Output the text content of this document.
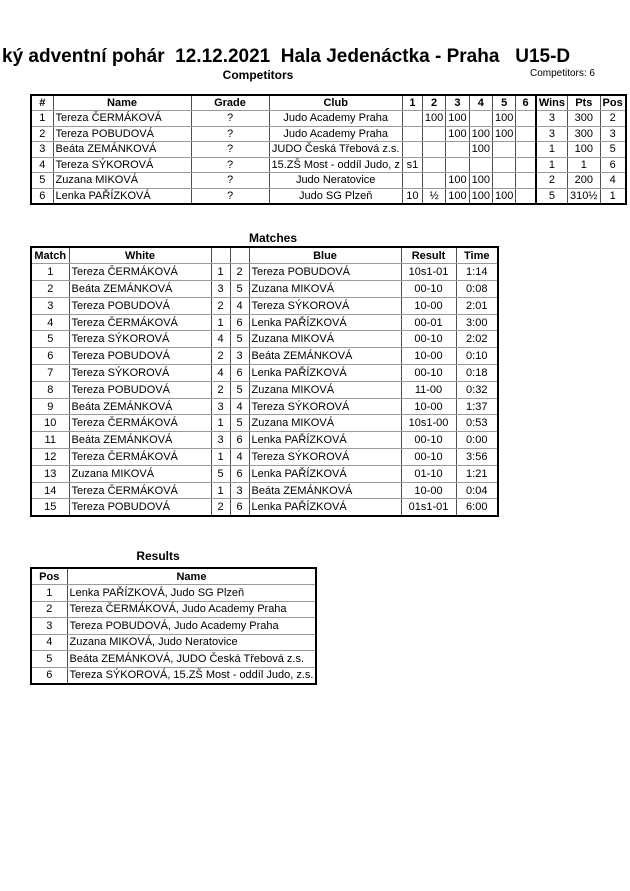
ký adventní pohár  12.12.2021  Hala Jedenáctka - Praha   U15-D
Competitors	Competitors: 6
#	Name	Grade	Club	1	2	3	4	5	6	Wins	Pts	Pos
1	Tereza ČERMÁKOVÁ	?	Judo Academy Praha		100	100		100		3	300	2
2	Tereza POBUDOVÁ	?	Judo Academy Praha			100	100	100		3	300	3
3	Beáta ZEMÁNKOVÁ	?	JUDO Česká Třebová z.s.				100			1	100	5
4	Tereza SÝKOROVÁ	?	15.ZŠ Most - oddíl Judo, z	s1						1	1	6
5	Zuzana MIKOVÁ	?	Judo Neratovice			100	100			2	200	4
6	Lenka PAŘÍZKOVÁ	?	Judo SG Plzeň	10	½	100	100	100		5	310½	1
Matches
Match	White			Blue	Result	Time
1	Tereza ČERMÁKOVÁ	1	2	Tereza POBUDOVÁ	10s1-01	1:14
2	Beáta ZEMÁNKOVÁ	3	5	Zuzana MIKOVÁ	00-10	0:08
3	Tereza POBUDOVÁ	2	4	Tereza SÝKOROVÁ	10-00	2:01
4	Tereza ČERMÁKOVÁ	1	6	Lenka PAŘÍZKOVÁ	00-01	3:00
5	Tereza SÝKOROVÁ	4	5	Zuzana MIKOVÁ	00-10	2:02
6	Tereza POBUDOVÁ	2	3	Beáta ZEMÁNKOVÁ	10-00	0:10
7	Tereza SÝKOROVÁ	4	6	Lenka PAŘÍZKOVÁ	00-10	0:18
8	Tereza POBUDOVÁ	2	5	Zuzana MIKOVÁ	11-00	0:32
9	Beáta ZEMÁNKOVÁ	3	4	Tereza SÝKOROVÁ	10-00	1:37
10	Tereza ČERMÁKOVÁ	1	5	Zuzana MIKOVÁ	10s1-00	0:53
11	Beáta ZEMÁNKOVÁ	3	6	Lenka PAŘÍZKOVÁ	00-10	0:00
12	Tereza ČERMÁKOVÁ	1	4	Tereza SÝKOROVÁ	00-10	3:56
13	Zuzana MIKOVÁ	5	6	Lenka PAŘÍZKOVÁ	01-10	1:21
14	Tereza ČERMÁKOVÁ	1	3	Beáta ZEMÁNKOVÁ	10-00	0:04
15	Tereza POBUDOVÁ	2	6	Lenka PAŘÍZKOVÁ	01s1-01	6:00
Results
Pos	Name
1	Lenka PAŘÍZKOVÁ, Judo SG Plzeň
2	Tereza ČERMÁKOVÁ, Judo Academy Praha
3	Tereza POBUDOVÁ, Judo Academy Praha
4	Zuzana MIKOVÁ, Judo Neratovice
5	Beáta ZEMÁNKOVÁ, JUDO Česká Třebová z.s.
6	Tereza SÝKOROVÁ, 15.ZŠ Most - oddíl Judo, z.s.
